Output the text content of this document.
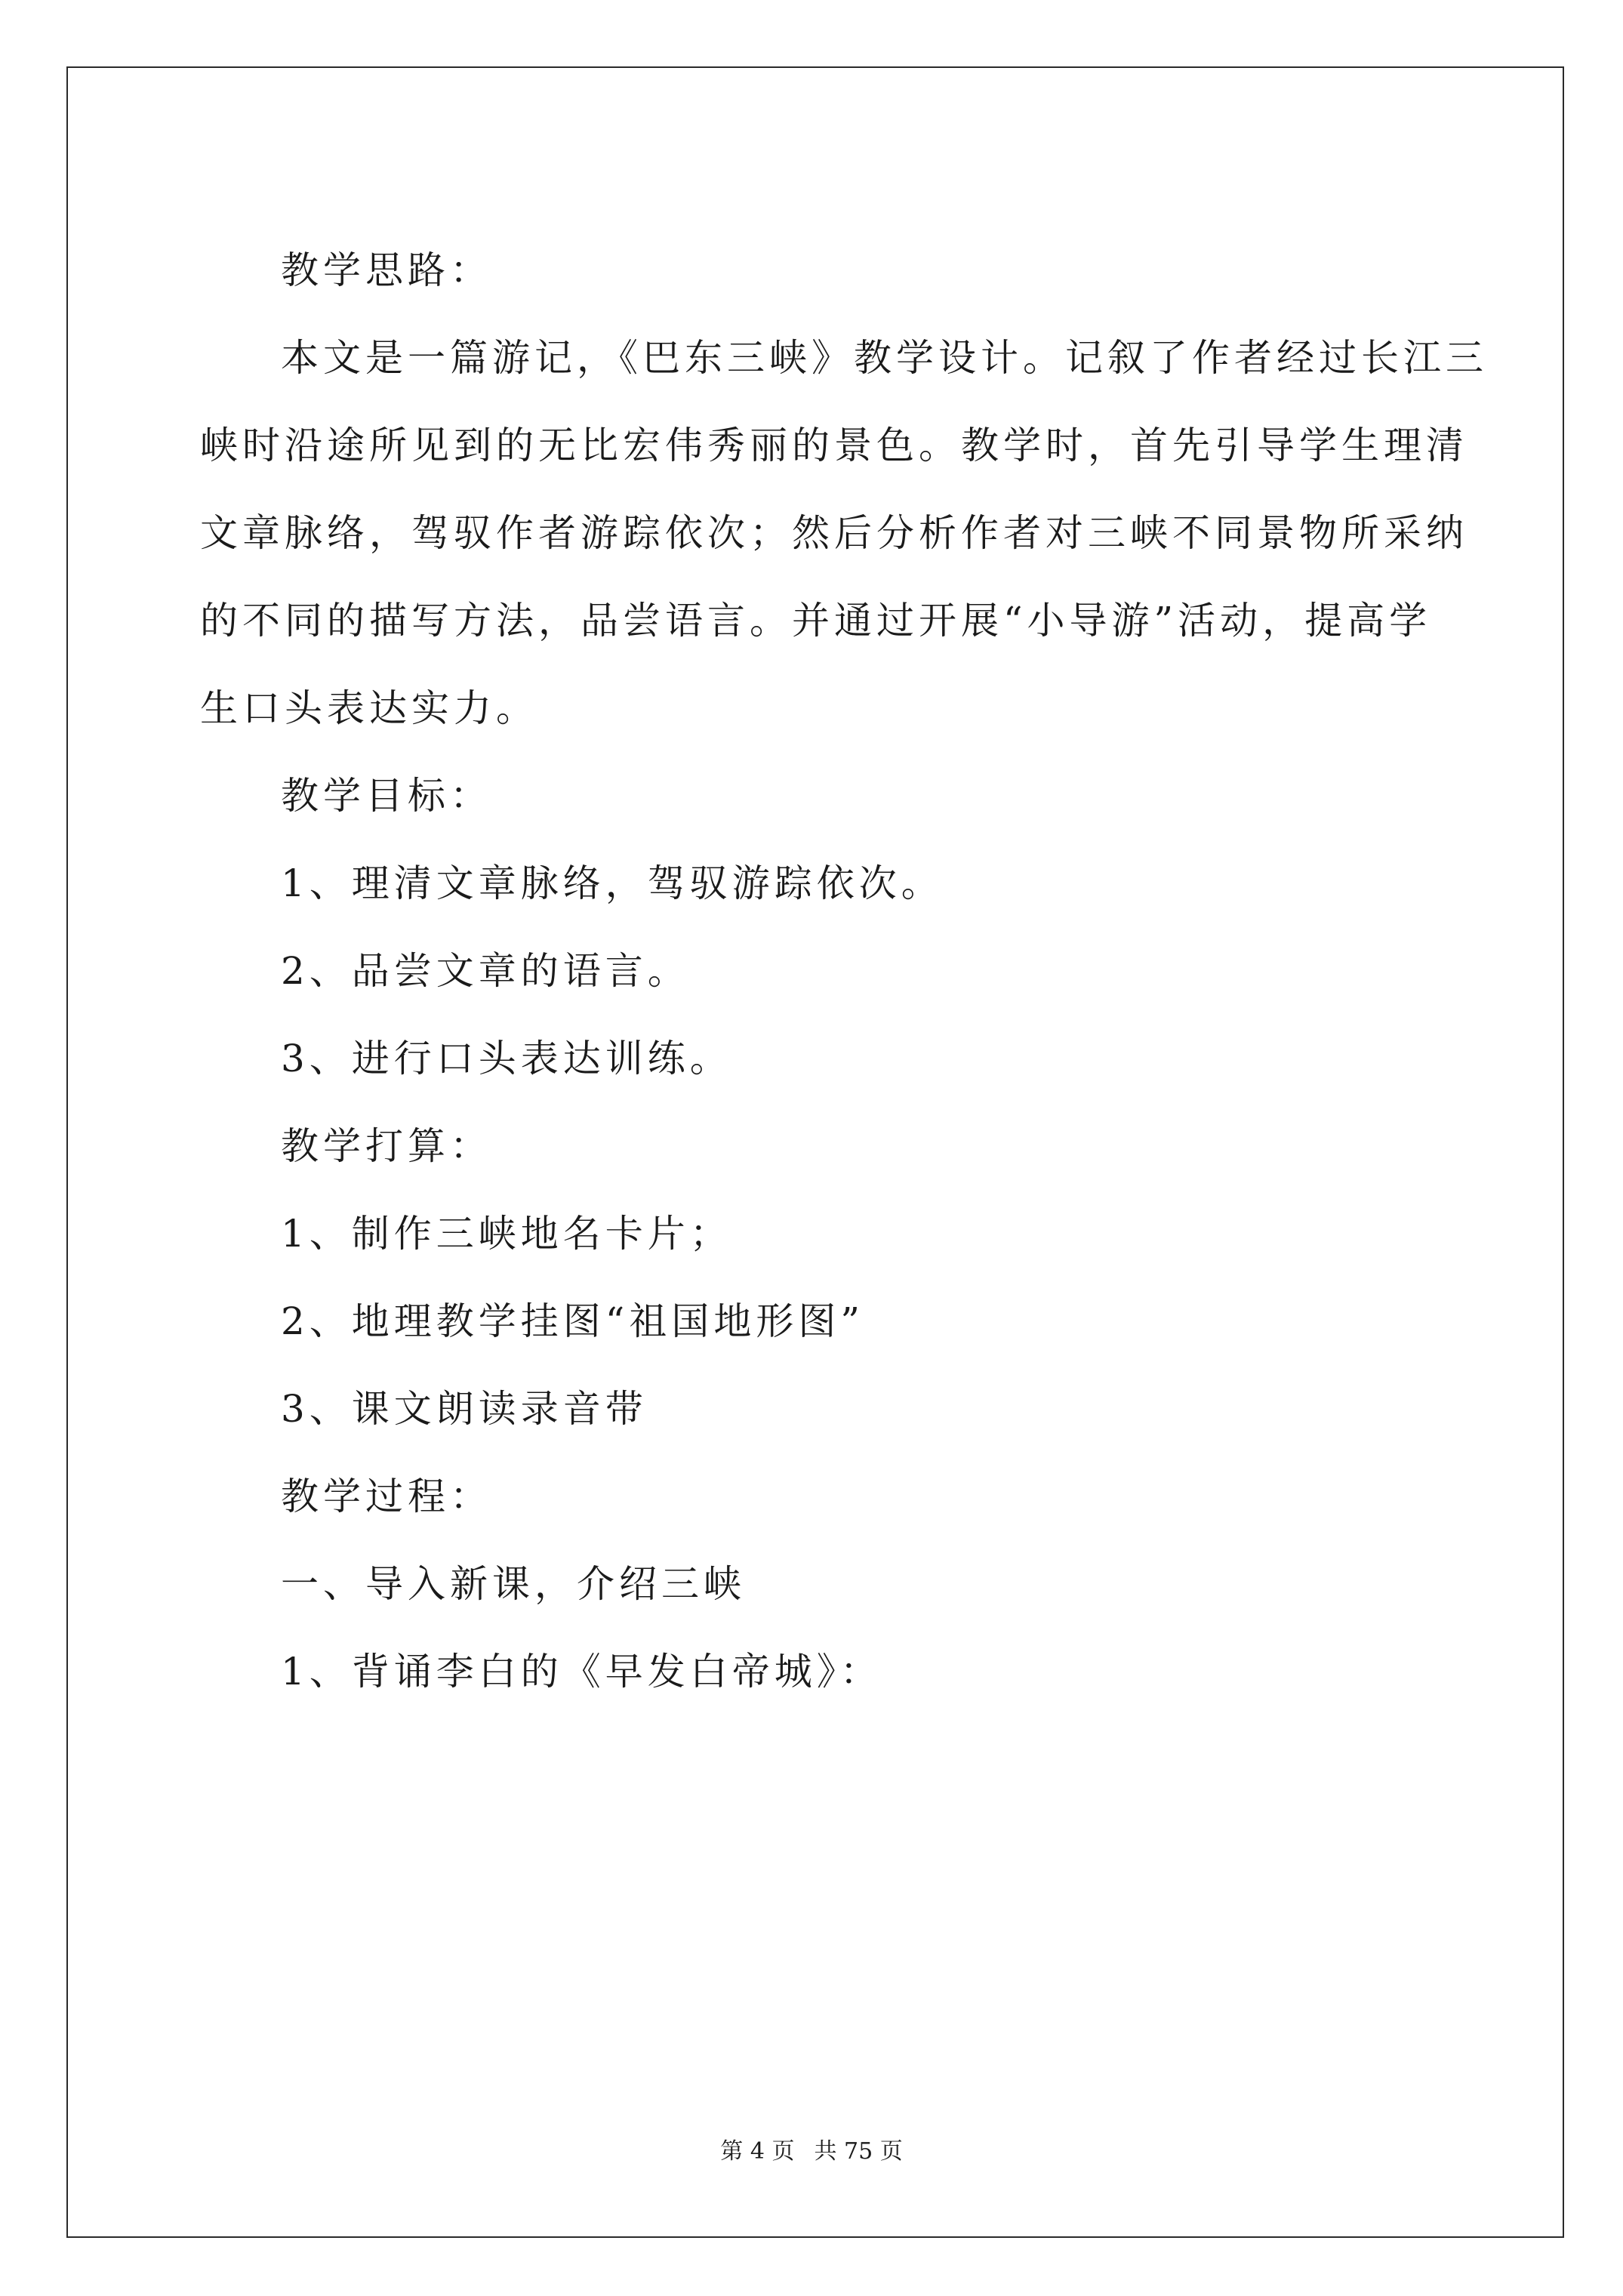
教学思路：

本文是一篇游记，《巴东三峡》教学设计。记叙了作者经过长江三

峡时沿途所见到的无比宏伟秀丽的景色。教学时，首先引导学生理清

文章脉络，驾驭作者游踪依次；然后分析作者对三峡不同景物所采纳

的不同的描写方法，品尝语言。并通过开展“小导游”活动，提高学

生口头表达实力。

教学目标：

1、理清文章脉络，驾驭游踪依次。

2、品尝文章的语言。

3、进行口头表达训练。

教学打算：

1、制作三峡地名卡片；

2、地理教学挂图“祖国地形图”

3、课文朗读录音带

教学过程：

一、导入新课，介绍三峡

1、背诵李白的《早发白帝城》：

第 4 页 共 75 页
